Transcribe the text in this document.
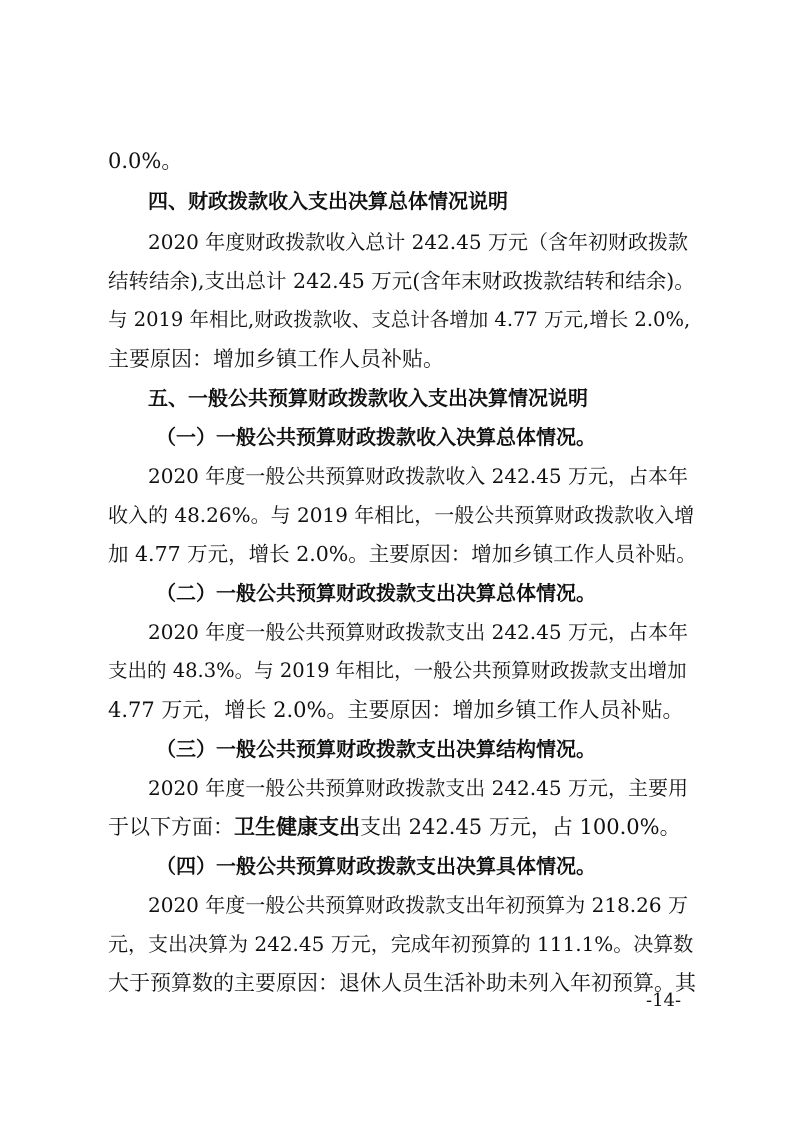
0.0%。
四、财政拨款收入支出决算总体情况说明
2020 年度财政拨款收入总计 242.45 万元（含年初财政拨款
结转结余),支出总计 242.45 万元(含年末财政拨款结转和结余)。
与 2019 年相比,财政拨款收、支总计各增加 4.77 万元,增长 2.0%,
主要原因：增加乡镇工作人员补贴。
五、一般公共预算财政拨款收入支出决算情况说明
（一）一般公共预算财政拨款收入决算总体情况。
2020 年度一般公共预算财政拨款收入 242.45 万元，占本年
收入的 48.26%。与 2019 年相比，一般公共预算财政拨款收入增
加 4.77 万元，增长 2.0%。主要原因：增加乡镇工作人员补贴。
（二）一般公共预算财政拨款支出决算总体情况。
2020 年度一般公共预算财政拨款支出 242.45 万元，占本年
支出的 48.3%。与 2019 年相比，一般公共预算财政拨款支出增加
4.77 万元，增长 2.0%。主要原因：增加乡镇工作人员补贴。
（三）一般公共预算财政拨款支出决算结构情况。
2020 年度一般公共预算财政拨款支出 242.45 万元，主要用
于以下方面：卫生健康支出支出 242.45 万元，占 100.0%。
（四）一般公共预算财政拨款支出决算具体情况。
2020 年度一般公共预算财政拨款支出年初预算为 218.26 万
元，支出决算为 242.45 万元，完成年初预算的 111.1%。决算数
大于预算数的主要原因：退休人员生活补助未列入年初预算。其
-14-
